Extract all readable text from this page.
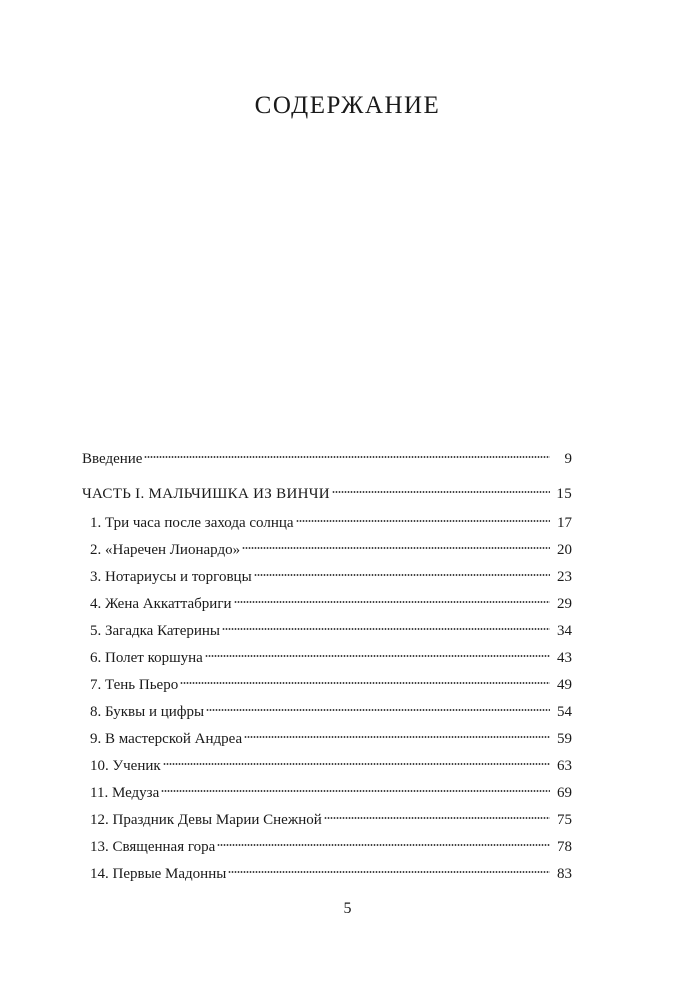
СОДЕРЖАНИЕ
Введение	9
ЧАСТЬ I. МАЛЬЧИШКА ИЗ ВИНЧИ	15
1. Три часа после захода солнца	17
2. «Наречен Лионардо»	20
3. Нотариусы и торговцы	23
4. Жена Аккаттабриги	29
5. Загадка Катерины	34
6. Полет коршуна	43
7. Тень Пьеро	49
8. Буквы и цифры	54
9. В мастерской Андреа	59
10. Ученик	63
11. Медуза	69
12. Праздник Девы Марии Снежной	75
13. Священная гора	78
14. Первые Мадонны	83
5
